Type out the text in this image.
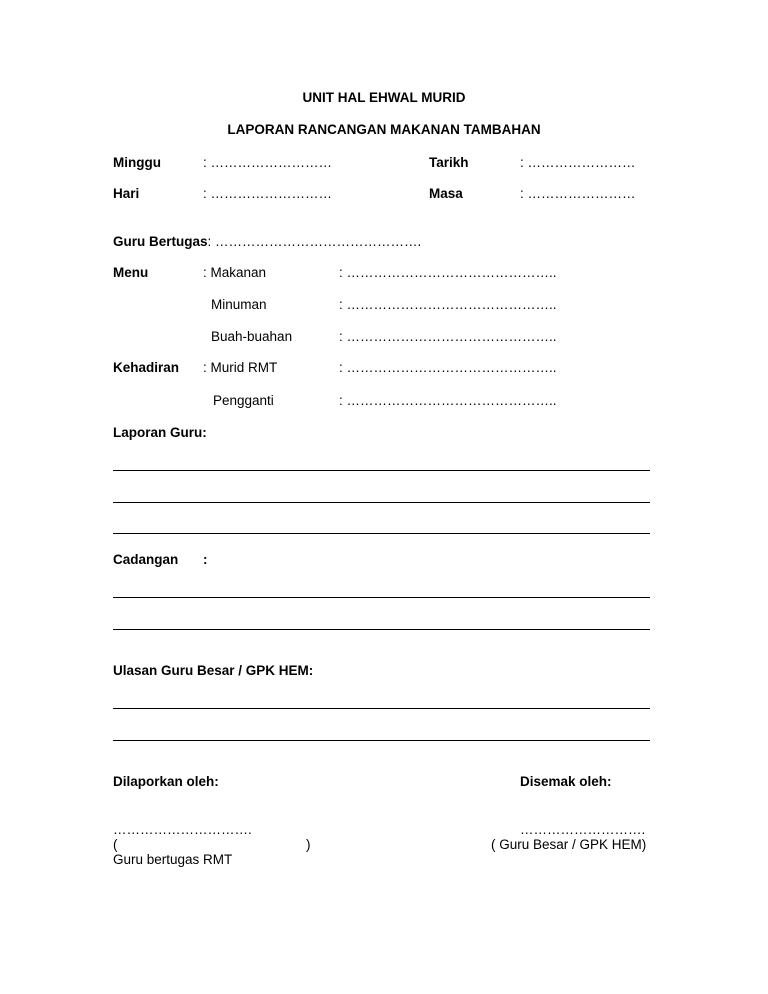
UNIT HAL EHWAL MURID
LAPORAN RANCANGAN MAKANAN TAMBAHAN
Minggu	: ………………………	Tarikh	: ……………………
Hari	: ………………………	Masa	: ……………………
Guru Bertugas: ……………………………………….
Menu	: Makanan	: ………………………………………..
Minuman	: ………………………………………..
Buah-buahan	: ………………………………………..
Kehadiran : Murid RMT	: ………………………………………..
Pengganti	: ………………………………………..
Laporan Guru:
Cadangan :
Ulasan Guru Besar / GPK HEM:
Dilaporkan oleh:	Disemak oleh:
………………………….	……………………….
(	)	( Guru Besar / GPK HEM)
Guru bertugas RMT
